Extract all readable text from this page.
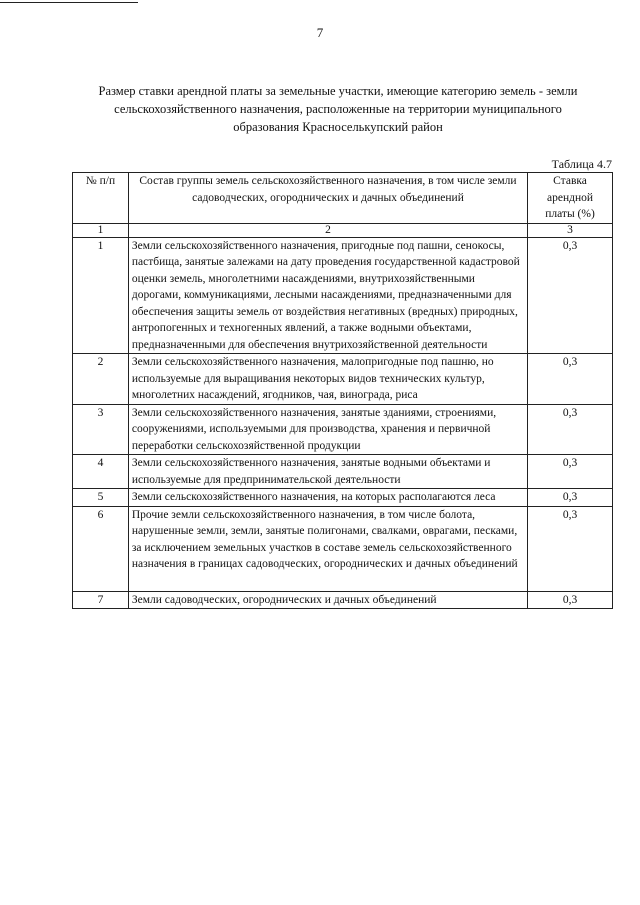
7
Размер ставки арендной платы за земельные участки, имеющие категорию земель - земли
сельскохозяйственного назначения, расположенные на территории муниципального
образования Красноселькупский район
Таблица 4.7
№ п/п	Состав группы земель сельскохозяйственного назначения, в том числе земли садоводческих, огороднических и дачных объединений	Ставка арендной платы (%)
1	2	3
1	Земли сельскохозяйственного назначения, пригодные под пашни, сенокосы, пастбища, занятые залежами на дату проведения государственной кадастровой оценки земель, многолетними насаждениями, внутрихозяйственными дорогами, коммуникациями, лесными насаждениями, предназначенными для обеспечения защиты земель от воздействия негативных (вредных) природных, антропогенных и техногенных явлений, а также водными объектами, предназначенными для обеспечения внутрихозяйственной деятельности	0,3
2	Земли сельскохозяйственного назначения, малопригодные под пашню, но используемые для выращивания некоторых видов технических культур, многолетних насаждений, ягодников, чая, винограда, риса	0,3
3	Земли сельскохозяйственного назначения, занятые зданиями, строениями, сооружениями, используемыми для производства, хранения и первичной переработки сельскохозяйственной продукции	0,3
4	Земли сельскохозяйственного назначения, занятые водными объектами и используемые для предпринимательской деятельности	0,3
5	Земли сельскохозяйственного назначения, на которых располагаются леса	0,3
6	Прочие земли сельскохозяйственного назначения, в том числе болота, нарушенные земли, земли, занятые полигонами, свалками, оврагами, песками, за исключением земельных участков в составе земель сельскохозяйственного назначения в границах садоводческих, огороднических и дачных объединений	0,3
7	Земли садоводческих, огороднических и дачных объединений	0,3
